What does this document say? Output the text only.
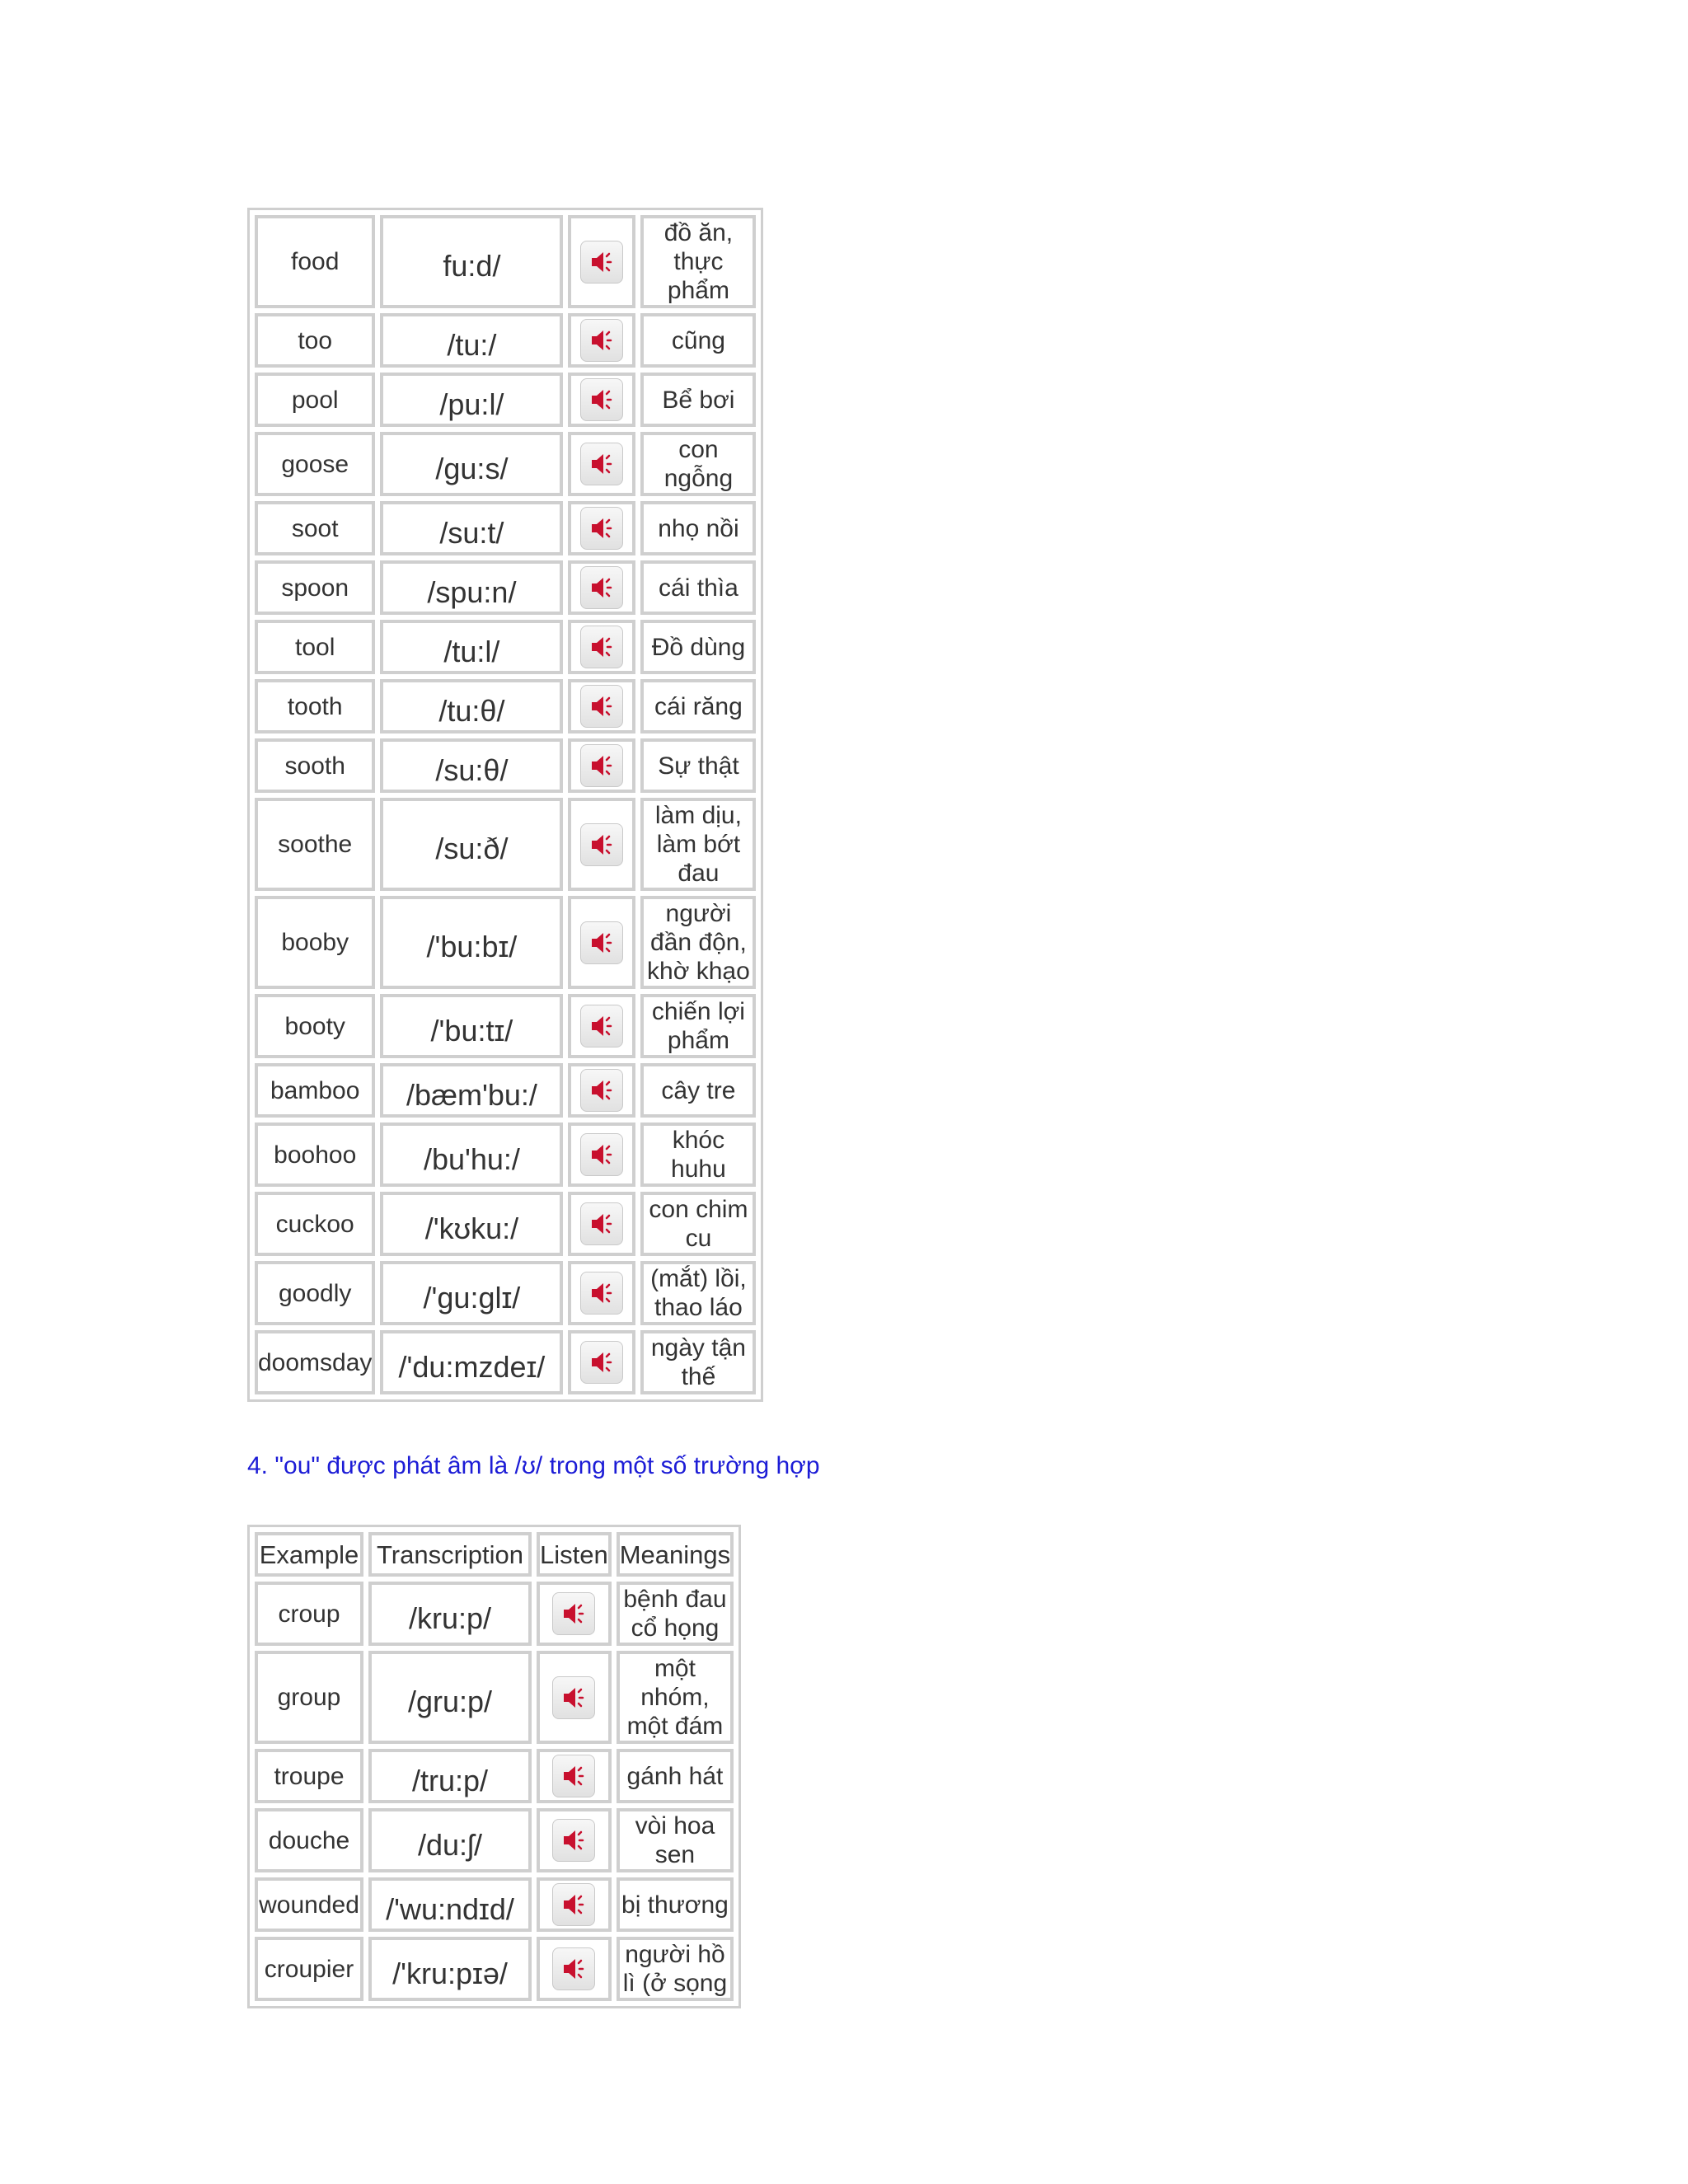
food	fu:d/		đồ ăn, thực phẩm
too	/tu:/		cũng
pool	/pu:l/		Bể bơi
goose	/gu:s/		con ngỗng
soot	/su:t/		nhọ nồi
spoon	/spu:n/		cái thìa
tool	/tu:l/		Đồ dùng
tooth	/tu:θ/		cái răng
sooth	/su:θ/		Sự thật
soothe	/su:ð/		làm dịu, làm bớt đau
booby	/'bu:bɪ/		người đần độn, khờ khạo
booty	/'bu:tɪ/		chiến lợi phẩm
bamboo	/bæm'bu:/		cây tre
boohoo	/bu'hu:/		khóc huhu
cuckoo	/'kʊku:/		con chim cu
goodly	/'gu:glɪ/		(mắt) lồi, thao láo
doomsday	/'du:mzdeɪ/		ngày tận thế
4. "ou" được phát âm là /ʊ/ trong một số trường hợp
Example	Transcription	Listen	Meanings
croup	/kru:p/		bệnh đau cổ họng
group	/gru:p/		một nhóm, một đám
troupe	/tru:p/		gánh hát
douche	/du:ʃ/		vòi hoa sen
wounded	/'wu:ndɪd/		bị thương
croupier	/'kru:pɪə/		người hồ lì (ở sọng
